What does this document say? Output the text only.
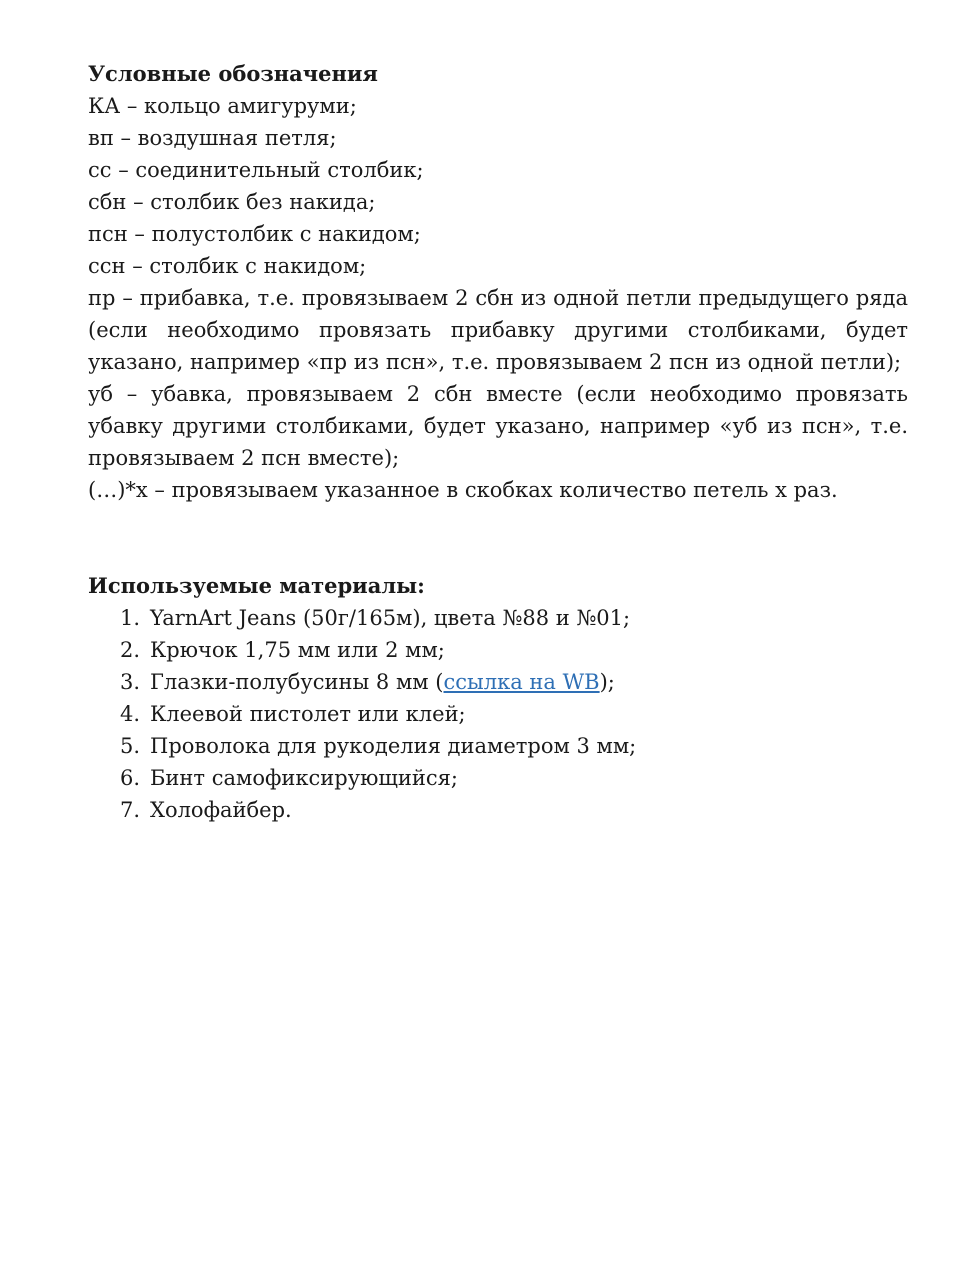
Условные обозначения
КА – кольцо амигуруми;
вп – воздушная петля;
сс – соединительный столбик;
сбн – столбик без накида;
псн – полустолбик с накидом;
ссн – столбик с накидом;
пр – прибавка, т.е. провязываем 2 сбн из одной петли предыдущего ряда (если необходимо провязать прибавку другими столбиками, будет указано, например «пр из псн», т.е. провязываем 2 псн из одной петли);
уб – убавка, провязываем 2 сбн вместе (если необходимо провязать убавку другими столбиками, будет указано, например «уб из псн», т.е. провязываем 2 псн вместе);
(…)*х – провязываем указанное в скобках количество петель х раз.
Используемые материалы:
1. YarnArt Jeans (50г/165м), цвета №88 и №01;
2. Крючок 1,75 мм или 2 мм;
3. Глазки-полубусины 8 мм (ссылка на WB);
4. Клеевой пистолет или клей;
5. Проволока для рукоделия диаметром 3 мм;
6. Бинт самофиксирующийся;
7. Холофайбер.
